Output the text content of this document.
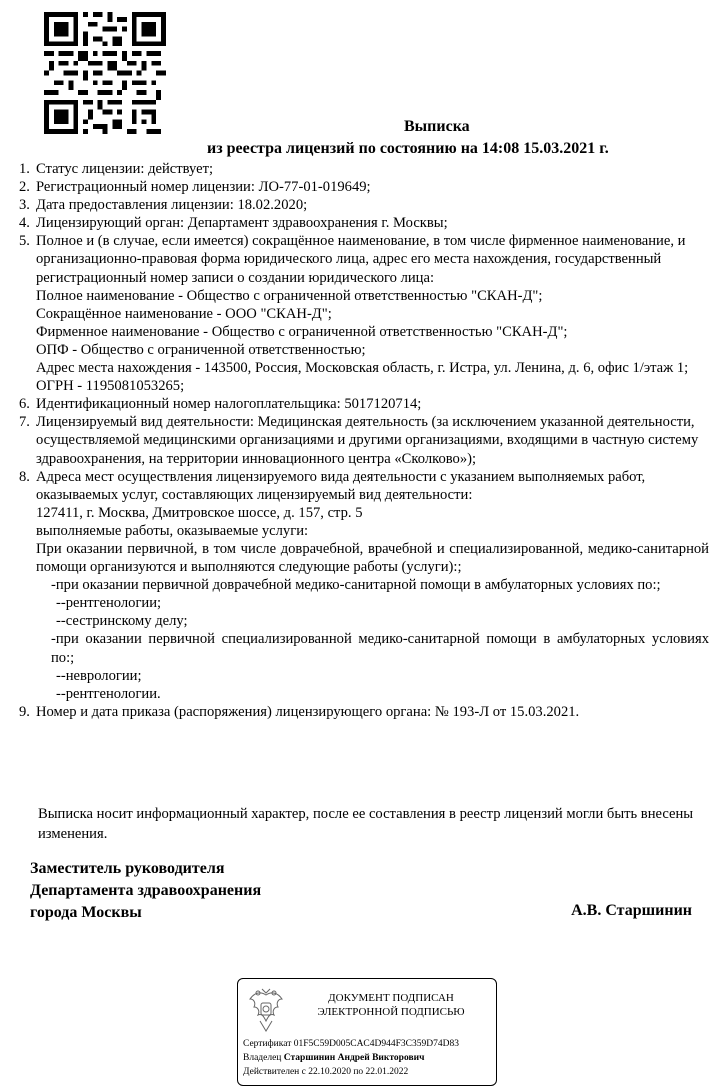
Выписка
из реестра лицензий по состоянию на 14:08 15.03.2021 г.
1. Статус лицензии: действует;
2. Регистрационный номер лицензии: ЛО-77-01-019649;
3. Дата предоставления лицензии: 18.02.2020;
4. Лицензирующий орган: Департамент здравоохранения г. Москвы;
5. Полное и (в случае, если имеется) сокращённое наименование, в том числе фирменное наименование, и организационно-правовая форма юридического лица, адрес его места нахождения, государственный регистрационный номер записи о создании юридического лица:
Полное наименование - Общество с ограниченной ответственностью "СКАН-Д";
Сокращённое наименование - ООО "СКАН-Д";
Фирменное наименование - Общество с ограниченной ответственностью "СКАН-Д";
ОПФ - Общество с ограниченной ответственностью;
Адрес места нахождения - 143500, Россия, Московская область, г. Истра, ул. Ленина, д. 6, офис 1/этаж 1;
ОГРН - 1195081053265;
6. Идентификационный номер налогоплательщика: 5017120714;
7. Лицензируемый вид деятельности: Медицинская деятельность (за исключением указанной деятельности, осуществляемой медицинскими организациями и другими организациями, входящими в частную систему здравоохранения, на территории инновационного центра «Сколково»);
8. Адреса мест осуществления лицензируемого вида деятельности с указанием выполняемых работ, оказываемых услуг, составляющих лицензируемый вид деятельности:
127411, г. Москва, Дмитровское шоссе, д. 157, стр. 5
выполняемые работы, оказываемые услуги:
При оказании первичной, в том числе доврачебной, врачебной и специализированной, медико-санитарной помощи организуются и выполняются следующие работы (услуги):;
-при оказании первичной доврачебной медико-санитарной помощи в амбулаторных условиях по:;
--рентгенологии;
--сестринскому делу;
-при оказании первичной специализированной медико-санитарной помощи в амбулаторных условиях по:;
--неврологии;
--рентгенологии.
9. Номер и дата приказа (распоряжения) лицензирующего органа: № 193-Л от 15.03.2021.
Выписка носит информационный характер, после ее составления в реестр лицензий могли быть внесены изменения.
Заместитель руководителя
Департамента здравоохранения
города Москвы	А.В. Старшинин
ДОКУМЕНТ ПОДПИСАН
ЭЛЕКТРОННОЙ ПОДПИСЬЮ
Сертификат 01F5C59D005CAC4D944F3C359D74D83
Владелец Старшинин Андрей Викторович
Действителен с 22.10.2020 по 22.01.2022
